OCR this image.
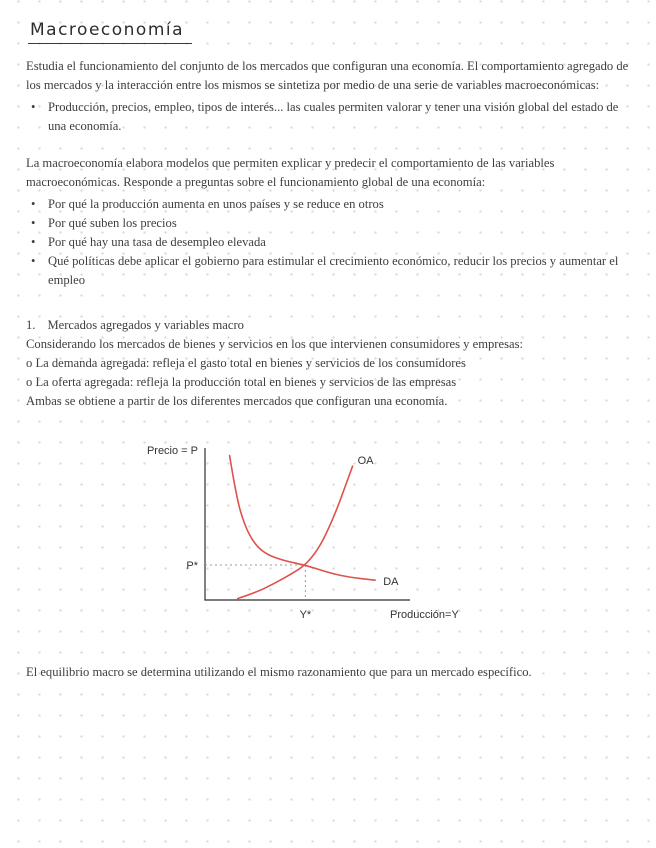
Macroeconomía

Estudia el funcionamiento del conjunto de los mercados que configuran una economía. El comportamiento agregado de los mercados y la interacción entre los mismos se sintetiza por medio de una serie de variables macroeconómicas:

• Producción, precios, empleo, tipos de interés... las cuales permiten valorar y tener una visión global del estado de una economía.

La macroeconomía elabora modelos que permiten explicar y predecir el comportamiento de las variables macroeconómicas. Responde a preguntas sobre el funcionamiento global de una economía:

• Por qué la producción aumenta en unos países y se reduce en otros
• Por qué suben los precios
• Por qué hay una tasa de desempleo elevada
• Qué políticas debe aplicar el gobierno para estimular el crecimiento económico, reducir los precios y aumentar el empleo

1. Mercados agregados y variables macro

Considerando los mercados de bienes y servicios en los que intervienen consumidores y empresas:

o La demanda agregada: refleja el gasto total en bienes y servicios de los consumidores

o La oferta agregada: refleja la producción total en bienes y servicios de las empresas

Ambas se obtiene a partir de los diferentes mercados que configuran una economía.

Precio = P
OA
DA
P*
Y*	Producción=Y

El equilibrio macro se determina utilizando el mismo razonamiento que para un mercado específico.
